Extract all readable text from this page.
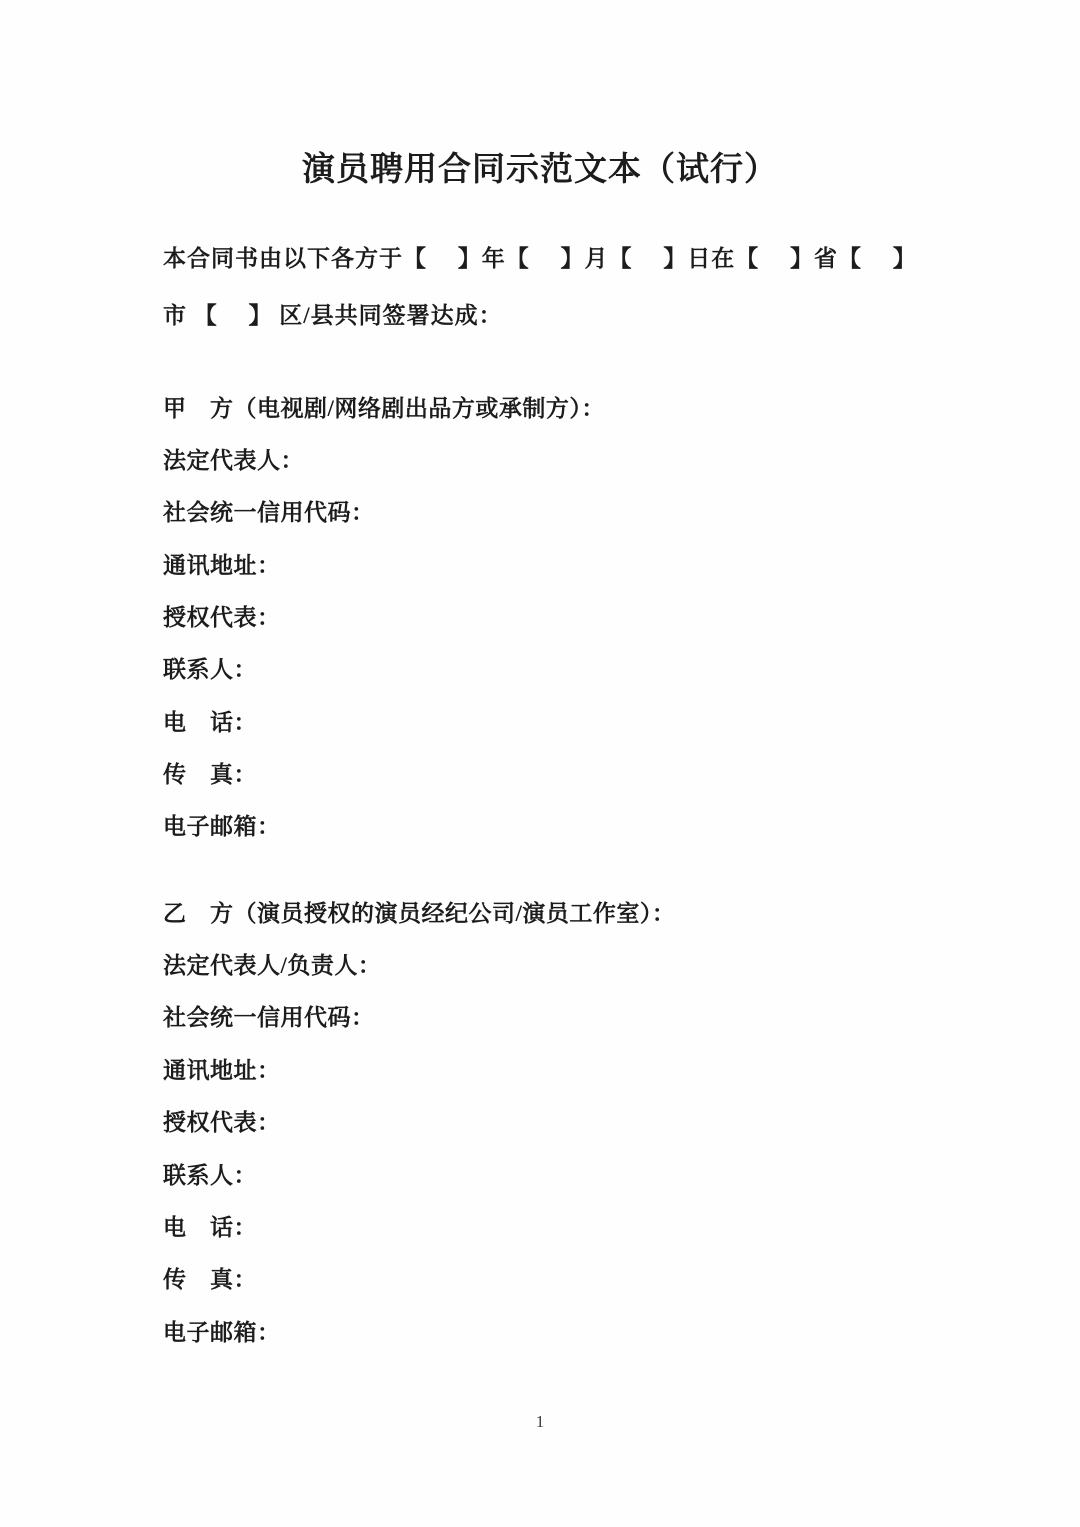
演员聘用合同示范文本（试行）
本合同书由以下各方于【　 】年【　 】月【　 】日在【　 】省【　 】
市 【　 】 区/县共同签署达成：
甲　方（电视剧/网络剧出品方或承制方）：
法定代表人：
社会统一信用代码：
通讯地址：
授权代表：
联系人：
电　话：
传　真：
电子邮箱：
乙　方（演员授权的演员经纪公司/演员工作室）：
法定代表人/负责人：
社会统一信用代码：
通讯地址：
授权代表：
联系人：
电　话：
传　真：
电子邮箱：
1
